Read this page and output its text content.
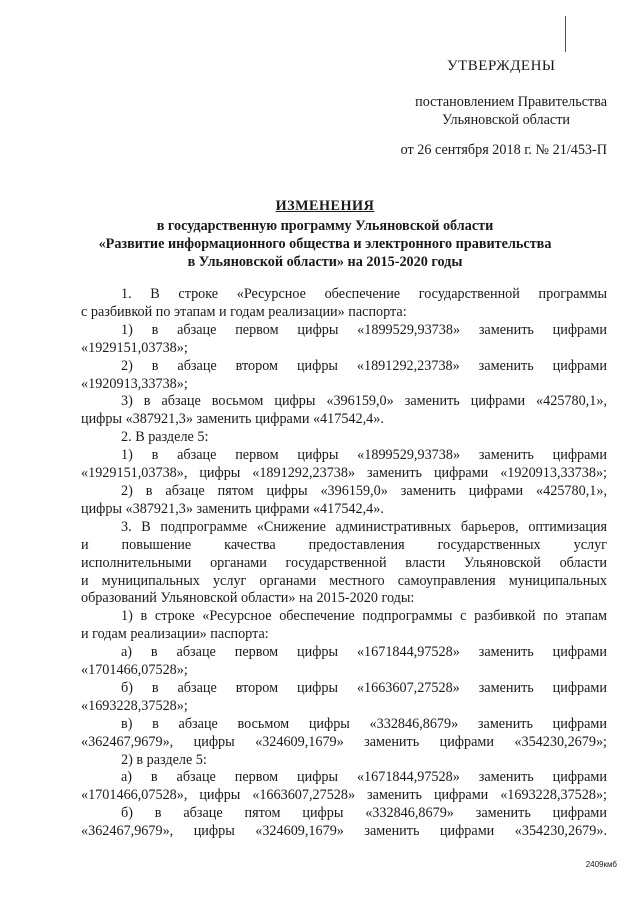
УТВЕРЖДЕНЫ
постановлением Правительства
Ульяновской области
от 26 сентября 2018 г. № 21/453-П
ИЗМЕНЕНИЯ
в государственную программу Ульяновской области
«Развитие информационного общества и электронного правительства
в Ульяновской области» на 2015-2020 годы
1. В строке «Ресурсное обеспечение государственной программы
с разбивкой по этапам и годам реализации» паспорта:
1) в абзаце первом цифры «1899529,93738» заменить цифрами
«1929151,03738»;
2) в абзаце втором цифры «1891292,23738» заменить цифрами
«1920913,33738»;
3) в абзаце восьмом цифры «396159,0» заменить цифрами «425780,1»,
цифры «387921,3» заменить цифрами «417542,4».
2. В разделе 5:
1) в абзаце первом цифры «1899529,93738» заменить цифрами
«1929151,03738», цифры «1891292,23738» заменить цифрами «1920913,33738»;
2) в абзаце пятом цифры «396159,0» заменить цифрами «425780,1»,
цифры «387921,3» заменить цифрами «417542,4».
3. В подпрограмме «Снижение административных барьеров, оптимизация
и повышение качества предоставления государственных услуг
исполнительными органами государственной власти Ульяновской области
и муниципальных услуг органами местного самоуправления муниципальных
образований Ульяновской области» на 2015-2020 годы:
1) в строке «Ресурсное обеспечение подпрограммы с разбивкой по этапам
и годам реализации» паспорта:
а) в абзаце первом цифры «1671844,97528» заменить цифрами
«1701466,07528»;
б) в абзаце втором цифры «1663607,27528» заменить цифрами
«1693228,37528»;
в) в абзаце восьмом цифры «332846,8679» заменить цифрами
«362467,9679», цифры «324609,1679» заменить цифрами «354230,2679»;
2) в разделе 5:
а) в абзаце первом цифры «1671844,97528» заменить цифрами
«1701466,07528», цифры «1663607,27528» заменить цифрами «1693228,37528»;
б) в абзаце пятом цифры «332846,8679» заменить цифрами
«362467,9679», цифры «324609,1679» заменить цифрами «354230,2679».
2409кмб
